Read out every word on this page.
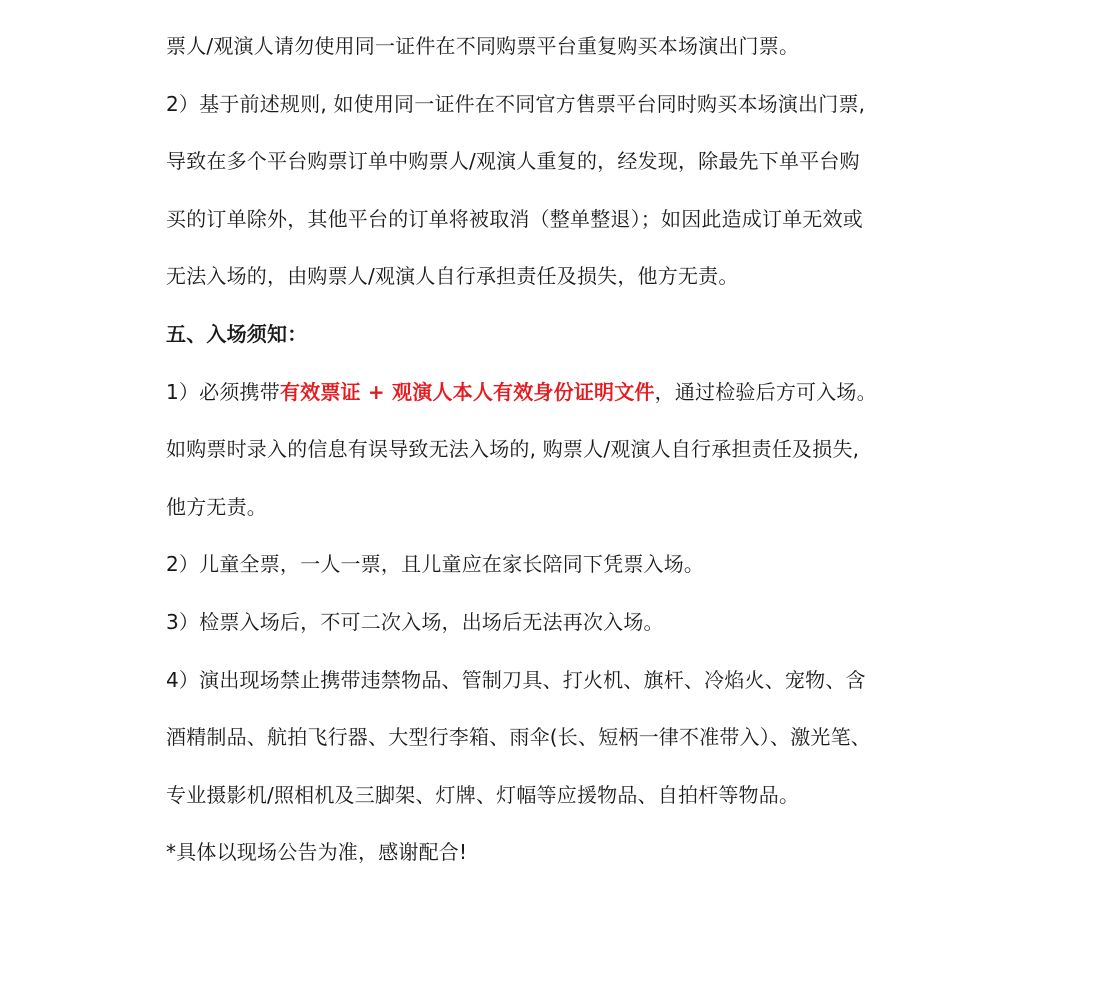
票人/观演人请勿使用同一证件在不同购票平台重复购买本场演出门票。
2）基于前述规则, 如使用同一证件在不同官方售票平台同时购买本场演出门票,
导致在多个平台购票订单中购票人/观演人重复的，经发现，除最先下单平台购
买的订单除外，其他平台的订单将被取消（整单整退）；如因此造成订单无效或
无法入场的，由购票人/观演人自行承担责任及损失，他方无责。
五、入场须知：
1）必须携带有效票证 + 观演人本人有效身份证明文件，通过检验后方可入场。
如购票时录入的信息有误导致无法入场的, 购票人/观演人自行承担责任及损失,
他方无责。
2）儿童全票，一人一票，且儿童应在家长陪同下凭票入场。
3）检票入场后，不可二次入场，出场后无法再次入场。
4）演出现场禁止携带违禁物品、管制刀具、打火机、旗杆、冷焰火、宠物、含
酒精制品、航拍飞行器、大型行李箱、雨伞(长、短柄一律不准带入）、激光笔、
专业摄影机/照相机及三脚架、灯牌、灯幅等应援物品、自拍杆等物品。
*具体以现场公告为准，感谢配合!
